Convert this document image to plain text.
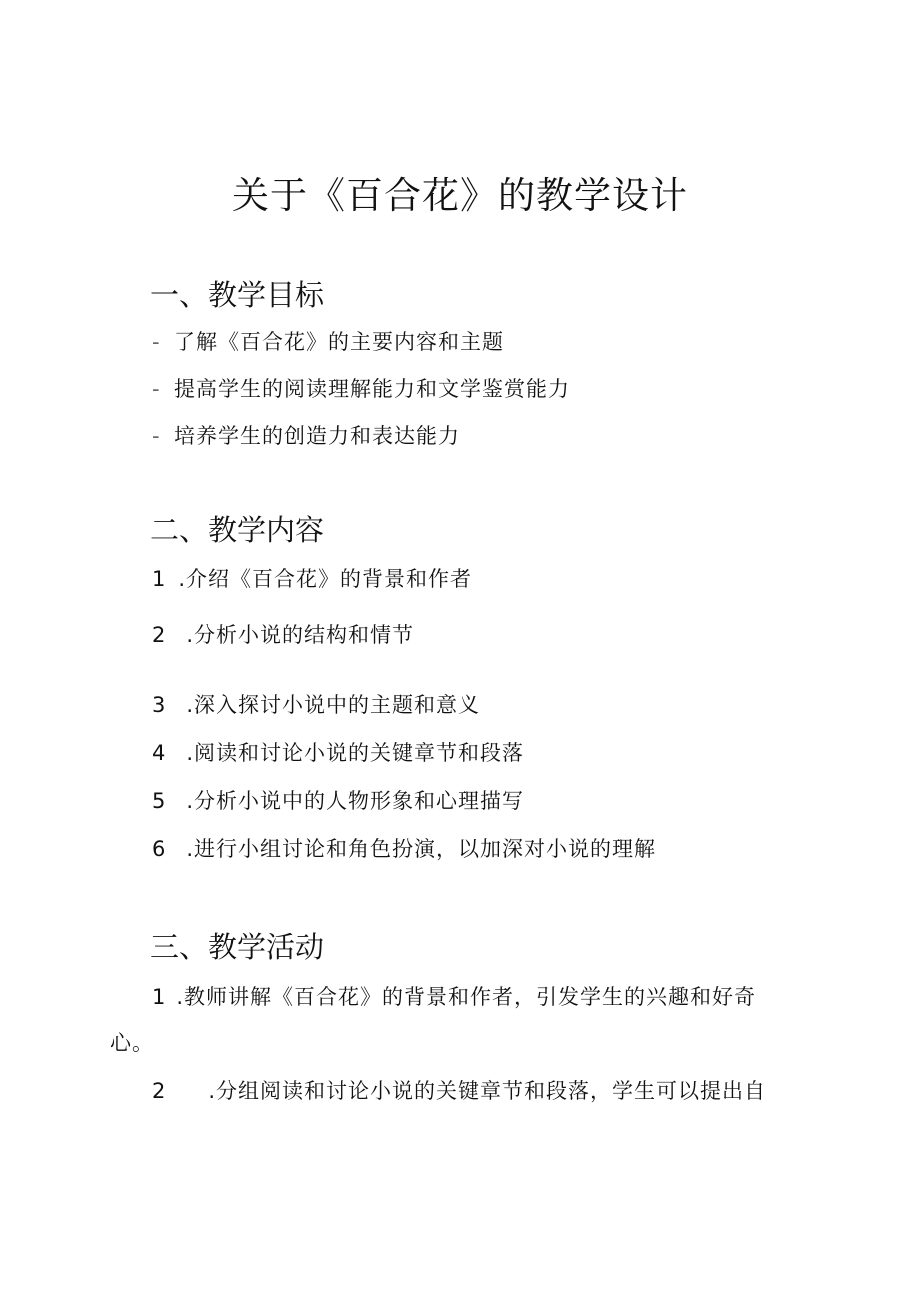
关于《百合花》的教学设计
一、教学目标
- 了解《百合花》的主要内容和主题
- 提高学生的阅读理解能力和文学鉴赏能力
- 培养学生的创造力和表达能力
二、教学内容
1 .介绍《百合花》的背景和作者
2 .分析小说的结构和情节
3 .深入探讨小说中的主题和意义
4 .阅读和讨论小说的关键章节和段落
5 .分析小说中的人物形象和心理描写
6 .进行小组讨论和角色扮演，以加深对小说的理解
三、教学活动
1 .教师讲解《百合花》的背景和作者，引发学生的兴趣和好奇
心。
2 .分组阅读和讨论小说的关键章节和段落，学生可以提出自
